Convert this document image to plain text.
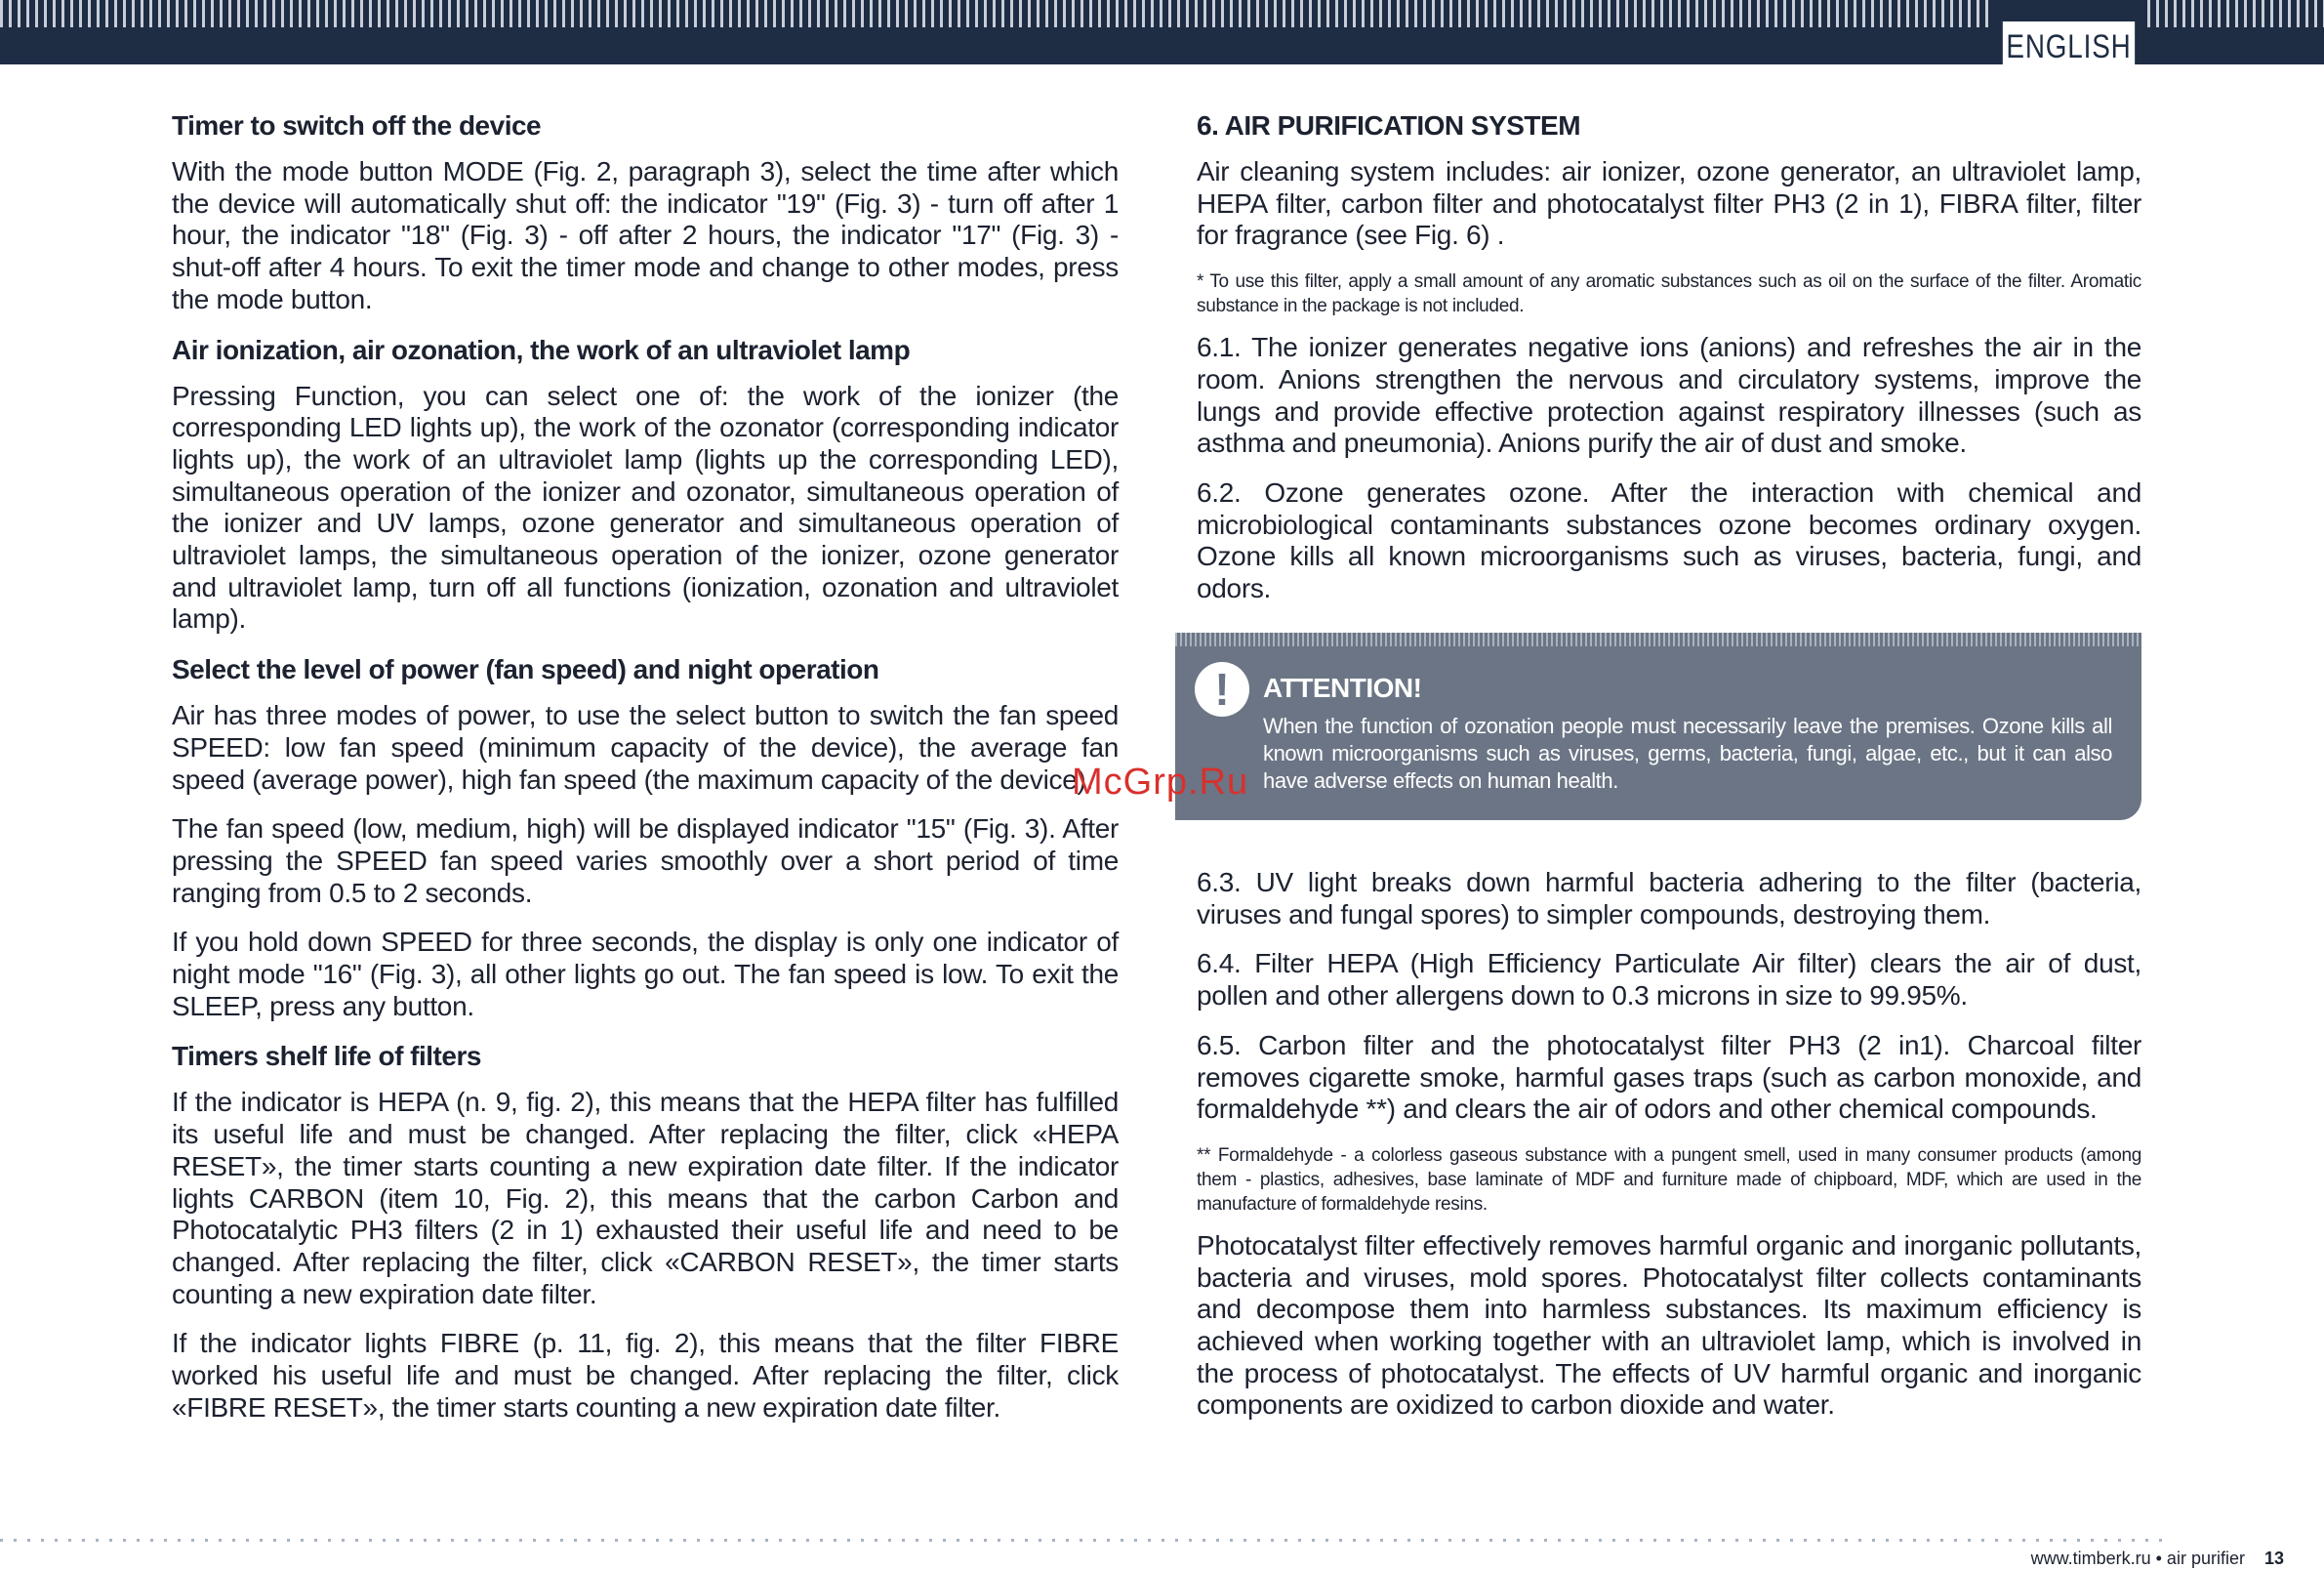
ENGLISH
Timer to switch off the device
With the mode button MODE (Fig. 2, paragraph 3), select the time after which the device will automatically shut off: the indicator "19" (Fig. 3) - turn off after 1 hour, the indicator "18" (Fig. 3) - off after 2 hours, the indicator "17" (Fig. 3) - shut-off after 4 hours. To exit the timer mode and change to other modes, press the mode button.
Air ionization, air ozonation, the work of an ultraviolet lamp
Pressing Function, you can select one of: the work of the ionizer (the corresponding LED lights up), the work of the ozonator (corresponding indicator lights up), the work of an ultraviolet lamp (lights up the corresponding LED), simultaneous operation of the ionizer and ozonator, simultaneous operation of the ionizer and UV lamps, ozone generator and simultaneous operation of ultraviolet lamps, the simultaneous operation of the ionizer, ozone generator and ultraviolet lamp, turn off all functions (ionization, ozonation and ultraviolet lamp).
Select the level of power (fan speed) and night operation
Air has three modes of power, to use the select button to switch the fan speed SPEED: low fan speed (minimum capacity of the device), the average fan speed (average power), high fan speed (the maximum capacity of the device).
The fan speed (low, medium, high) will be displayed indicator "15" (Fig. 3). After pressing the SPEED fan speed varies smoothly over a short period of time ranging from 0.5 to 2 seconds.
If you hold down SPEED for three seconds, the display is only one indicator of night mode "16" (Fig. 3), all other lights go out. The fan speed is low. To exit the SLEEP, press any button.
Timers shelf life of filters
If the indicator is HEPA (n. 9, fig. 2), this means that the HEPA filter has fulfilled its useful life and must be changed. After replacing the filter, click «HEPA RESET», the timer starts counting a new expiration date filter. If the indicator lights CARBON (item 10, Fig. 2), this means that the carbon Carbon and Photocatalytic PH3 filters (2 in 1) exhausted their useful life and need to be changed. After replacing the filter, click «CARBON RESET», the timer starts counting a new expiration date filter.
If the indicator lights FIBRE (p. 11, fig. 2), this means that the filter FIBRE worked his useful life and must be changed. After replacing the filter, click «FIBRE RESET», the timer starts counting a new expiration date filter.
6. AIR PURIFICATION SYSTEM
Air cleaning system includes: air ionizer, ozone generator, an ultraviolet lamp, HEPA filter, carbon filter and photocatalyst filter PH3 (2 in 1), FIBRA filter, filter for fragrance (see Fig. 6) .
* To use this filter, apply a small amount of any aromatic substances such as oil on the surface of the filter. Aromatic substance in the package is not included.
6.1. The ionizer generates negative ions (anions) and refreshes the air in the room. Anions strengthen the nervous and circulatory systems, improve the lungs and provide effective protection against respiratory illnesses (such as asthma and pneumonia). Anions purify the air of dust and smoke.
6.2. Ozone generates ozone. After the interaction with chemical and microbiological contaminants substances ozone becomes ordinary oxygen. Ozone kills all known microorganisms such as viruses, bacteria, fungi, and odors.
!	ATTENTION!
When the function of ozonation people must necessarily leave the premises. Ozone kills all known microorganisms such as viruses, germs, bacteria, fungi, algae, etc., but it can also have adverse effects on human health.
McGrp.Ru
6.3. UV light breaks down harmful bacteria adhering to the filter (bacteria, viruses and fungal spores) to simpler compounds, destroying them.
6.4. Filter HEPA (High Efficiency Particulate Air filter) clears the air of dust, pollen and other allergens down to 0.3 microns in size to 99.95%.
6.5. Carbon filter and the photocatalyst filter PH3 (2 in1). Charcoal filter removes cigarette smoke, harmful gases traps (such as carbon monoxide, and formaldehyde **) and clears the air of odors and other chemical compounds.
** Formaldehyde - a colorless gaseous substance with a pungent smell, used in many consumer products (among them - plastics, adhesives, base laminate of MDF and furniture made of chipboard, MDF, which are used in the manufacture of formaldehyde resins.
Photocatalyst filter effectively removes harmful organic and inorganic pollutants, bacteria and viruses, mold spores. Photocatalyst filter collects contaminants and decompose them into harmless substances. Its maximum efficiency is achieved when working together with an ultraviolet lamp, which is involved in the process of photocatalyst. The effects of UV harmful organic and inorganic components are oxidized to carbon dioxide and water.
www.timberk.ru • air purifier 13
